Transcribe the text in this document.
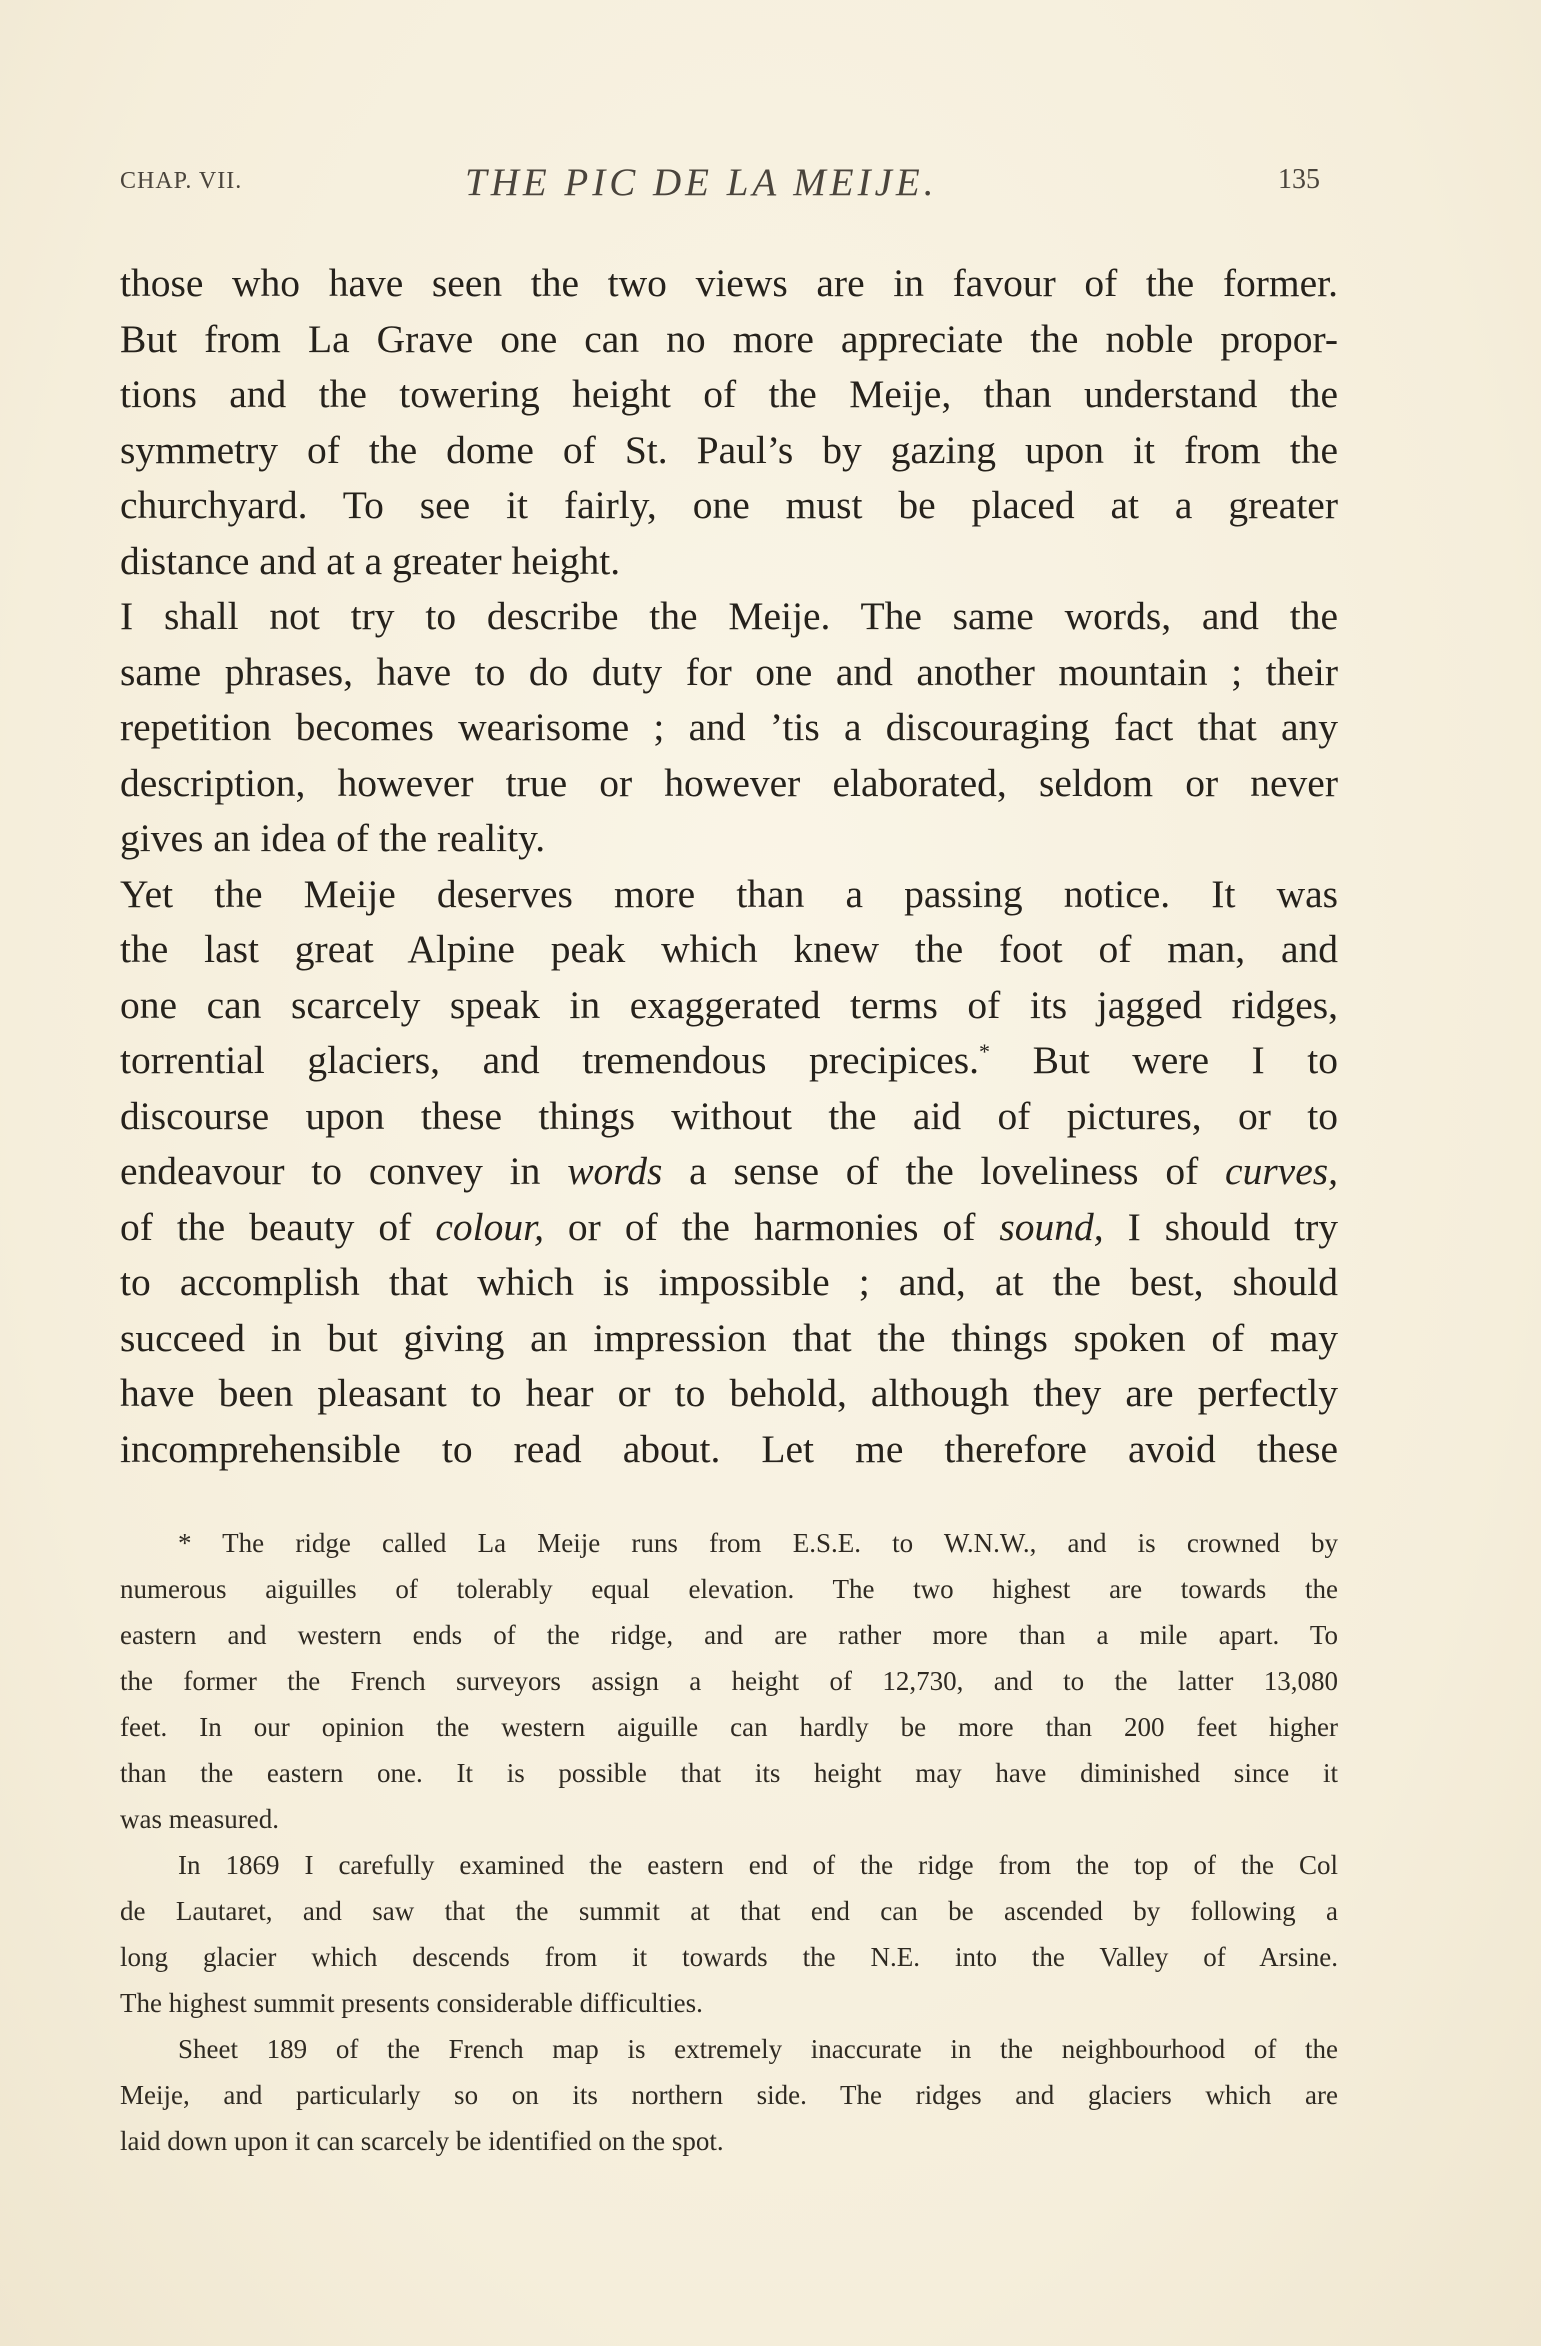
CHAP. VII.	THE PIC DE LA MEIJE.	135

those who have seen the two views are in favour of the former.
But from La Grave one can no more appreciate the noble propor-
tions and the towering height of the Meije, than understand the
symmetry of the dome of St. Paul’s by gazing upon it from the
churchyard. To see it fairly, one must be placed at a greater
distance and at a greater height.

I shall not try to describe the Meije. The same words, and the
same phrases, have to do duty for one and another mountain ; their
repetition becomes wearisome ; and ’tis a discouraging fact that any
description, however true or however elaborated, seldom or never
gives an idea of the reality.

Yet the Meije deserves more than a passing notice. It was
the last great Alpine peak which knew the foot of man, and
one can scarcely speak in exaggerated terms of its jagged ridges,
torrential glaciers, and tremendous precipices.* But were I to
discourse upon these things without the aid of pictures, or to
endeavour to convey in words a sense of the loveliness of curves,
of the beauty of colour, or of the harmonies of sound, I should try
to accomplish that which is impossible ; and, at the best, should
succeed in but giving an impression that the things spoken of may
have been pleasant to hear or to behold, although they are perfectly
incomprehensible to read about. Let me therefore avoid these

* The ridge called La Meije runs from E.S.E. to W.N.W., and is crowned by
numerous aiguilles of tolerably equal elevation. The two highest are towards the
eastern and western ends of the ridge, and are rather more than a mile apart. To
the former the French surveyors assign a height of 12,730, and to the latter 13,080
feet. In our opinion the western aiguille can hardly be more than 200 feet higher
than the eastern one. It is possible that its height may have diminished since it
was measured.
In 1869 I carefully examined the eastern end of the ridge from the top of the Col
de Lautaret, and saw that the summit at that end can be ascended by following a
long glacier which descends from it towards the N.E. into the Valley of Arsine.
The highest summit presents considerable difficulties.
Sheet 189 of the French map is extremely inaccurate in the neighbourhood of the
Meije, and particularly so on its northern side. The ridges and glaciers which are
laid down upon it can scarcely be identified on the spot.
